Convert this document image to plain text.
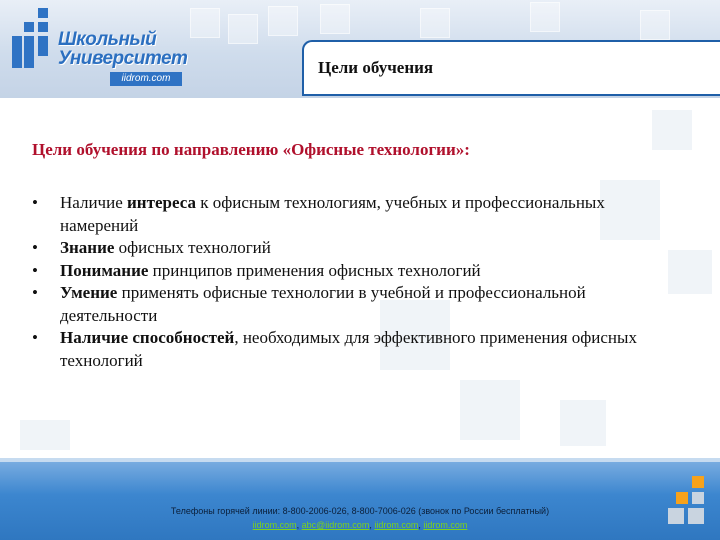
Школьный
Университет
iidrom.com
Цели обучения
Цели обучения по направлению «Офисные технологии»:
• Наличие интереса к офисным технологиям, учебных и профессиональных намерений
• Знание офисных технологий
• Понимание принципов применения офисных технологий
• Умение применять офисные технологии в учебной и профессиональной деятельности
• Наличие способностей, необходимых для эффективного применения офисных технологий
Телефоны горячей линии: 8-800-2006-026, 8-800-7006-026 (звонок по России бесплатный)
iidrom.com, abc@iidrom.com, iidrom.com, iidrom.com
